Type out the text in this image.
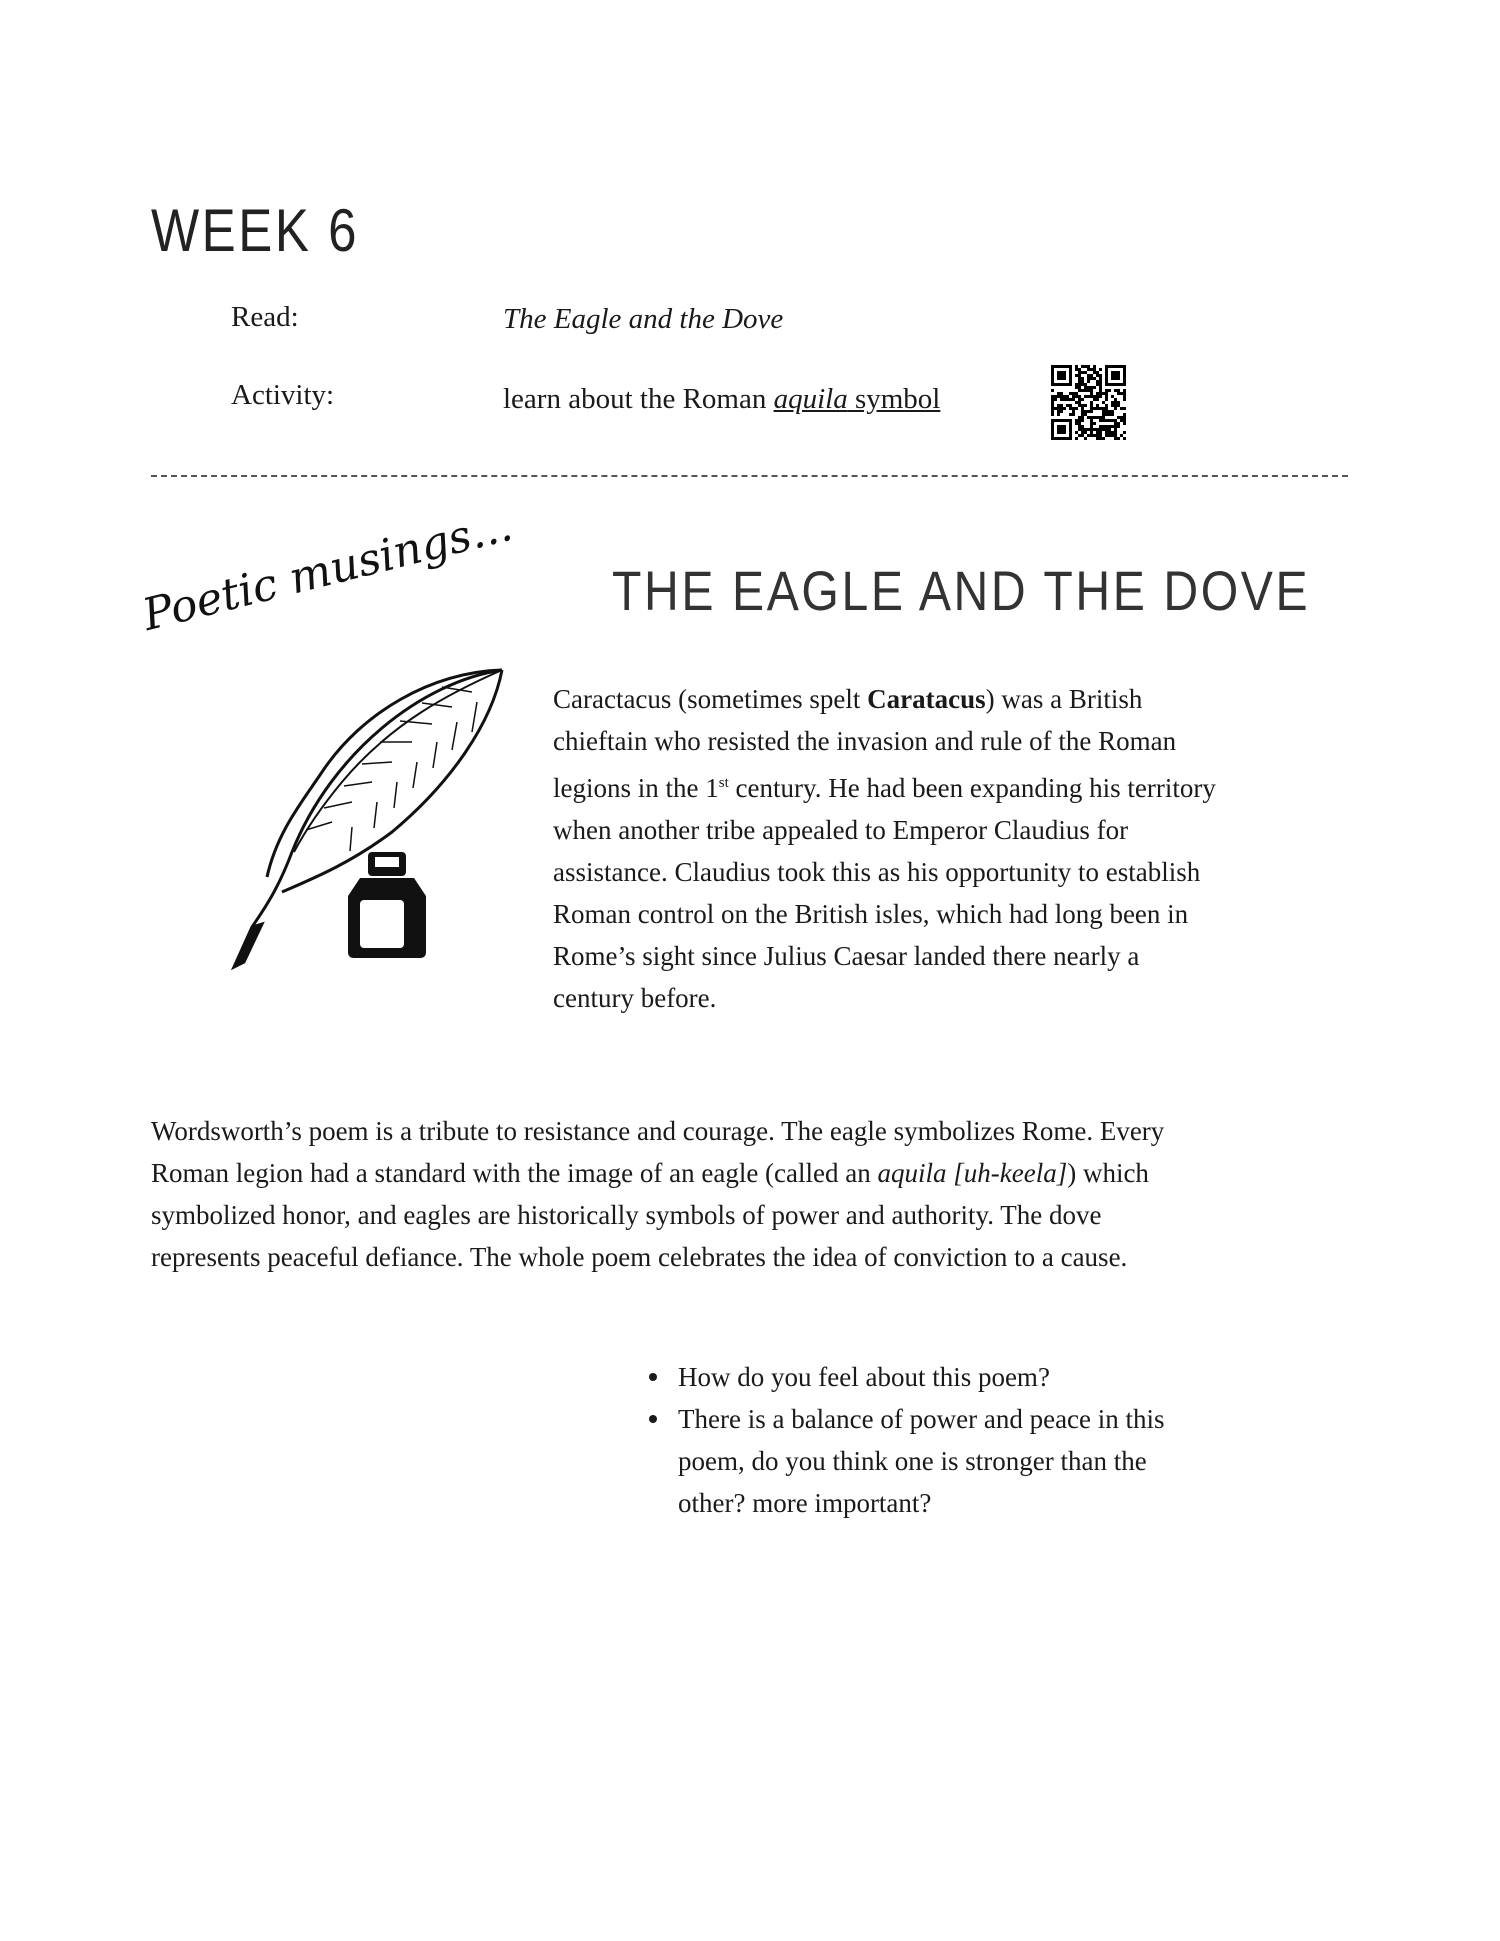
WEEK 6
Read:	The Eagle and the Dove
Activity:	learn about the Roman aquila symbol
Poetic musings... THE EAGLE AND THE DOVE
Caractacus (sometimes spelt Caratacus) was a British
chieftain who resisted the invasion and rule of the Roman
legions in the 1st century. He had been expanding his territory
when another tribe appealed to Emperor Claudius for
assistance. Claudius took this as his opportunity to establish
Roman control on the British isles, which had long been in
Rome’s sight since Julius Caesar landed there nearly a
century before.
Wordsworth’s poem is a tribute to resistance and courage. The eagle symbolizes Rome. Every
Roman legion had a standard with the image of an eagle (called an aquila [uh-keela]) which
symbolized honor, and eagles are historically symbols of power and authority. The dove
represents peaceful defiance. The whole poem celebrates the idea of conviction to a cause.
How do you feel about this poem?
There is a balance of power and peace in this poem, do you think one is stronger than the other? more important?
